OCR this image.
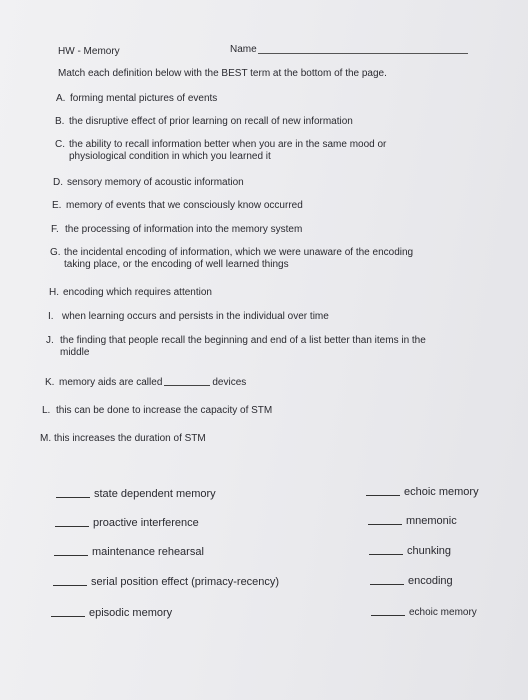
HW - Memory	Name
Match each definition below with the BEST term at the bottom of the page.
A. forming mental pictures of events
B. the disruptive effect of prior learning on recall of new information
C. the ability to recall information better when you are in the same mood or
physiological condition in which you learned it
D. sensory memory of acoustic information
E. memory of events that we consciously know occurred
F. the processing of information into the memory system
G. the incidental encoding of information, which we were unaware of the encoding
taking place, or the encoding of well learned things
H. encoding which requires attention
I. when learning occurs and persists in the individual over time
J. the finding that people recall the beginning and end of a list better than items in the
middle
K. memory aids are called	devices
L. this can be done to increase the capacity of STM
M. this increases the duration of STM
state dependent memory
proactive interference
maintenance rehearsal
serial position effect (primacy-recency)
episodic memory
echoic memory
mnemonic
chunking
encoding
echoic memory
